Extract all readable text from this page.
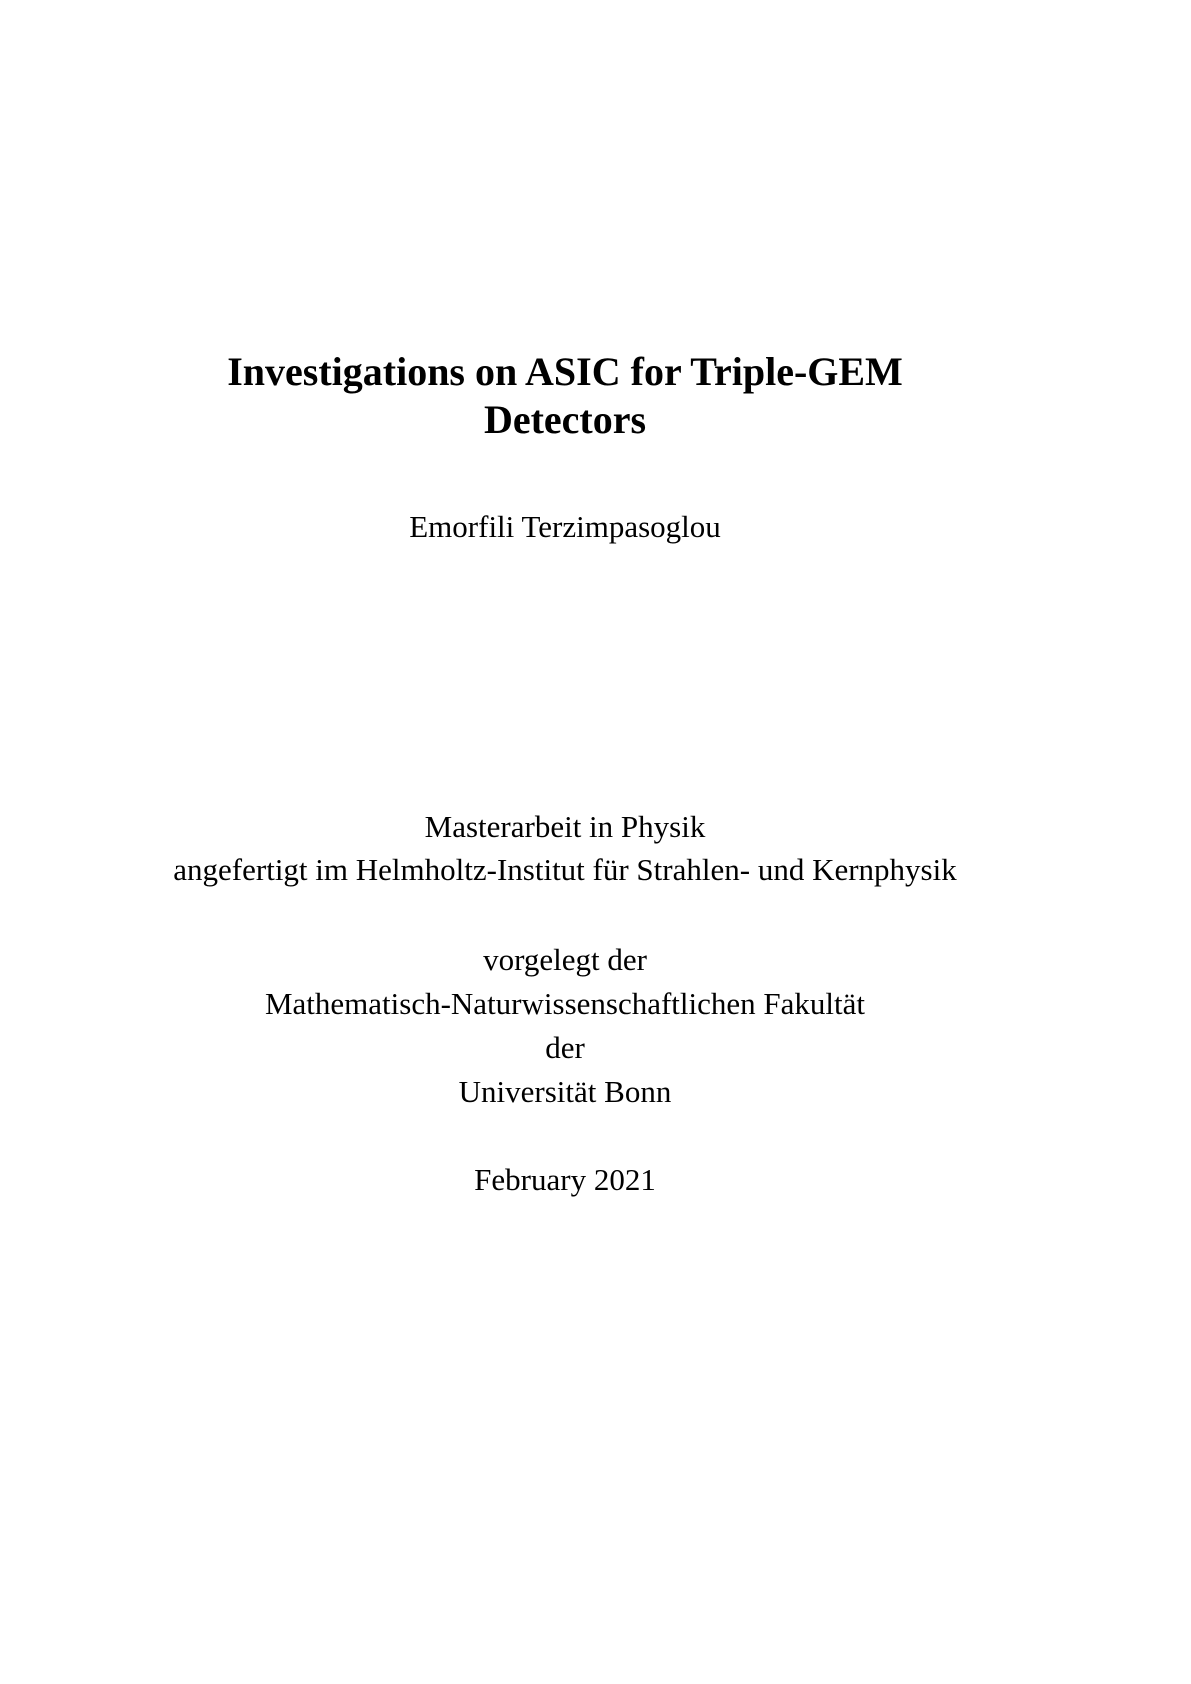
Investigations on ASIC for Triple-GEM
Detectors
Emorfili Terzimpasoglou
Masterarbeit in Physik
angefertigt im Helmholtz-Institut für Strahlen- und Kernphysik
vorgelegt der
Mathematisch-Naturwissenschaftlichen Fakultät
der
Universität Bonn
February 2021
